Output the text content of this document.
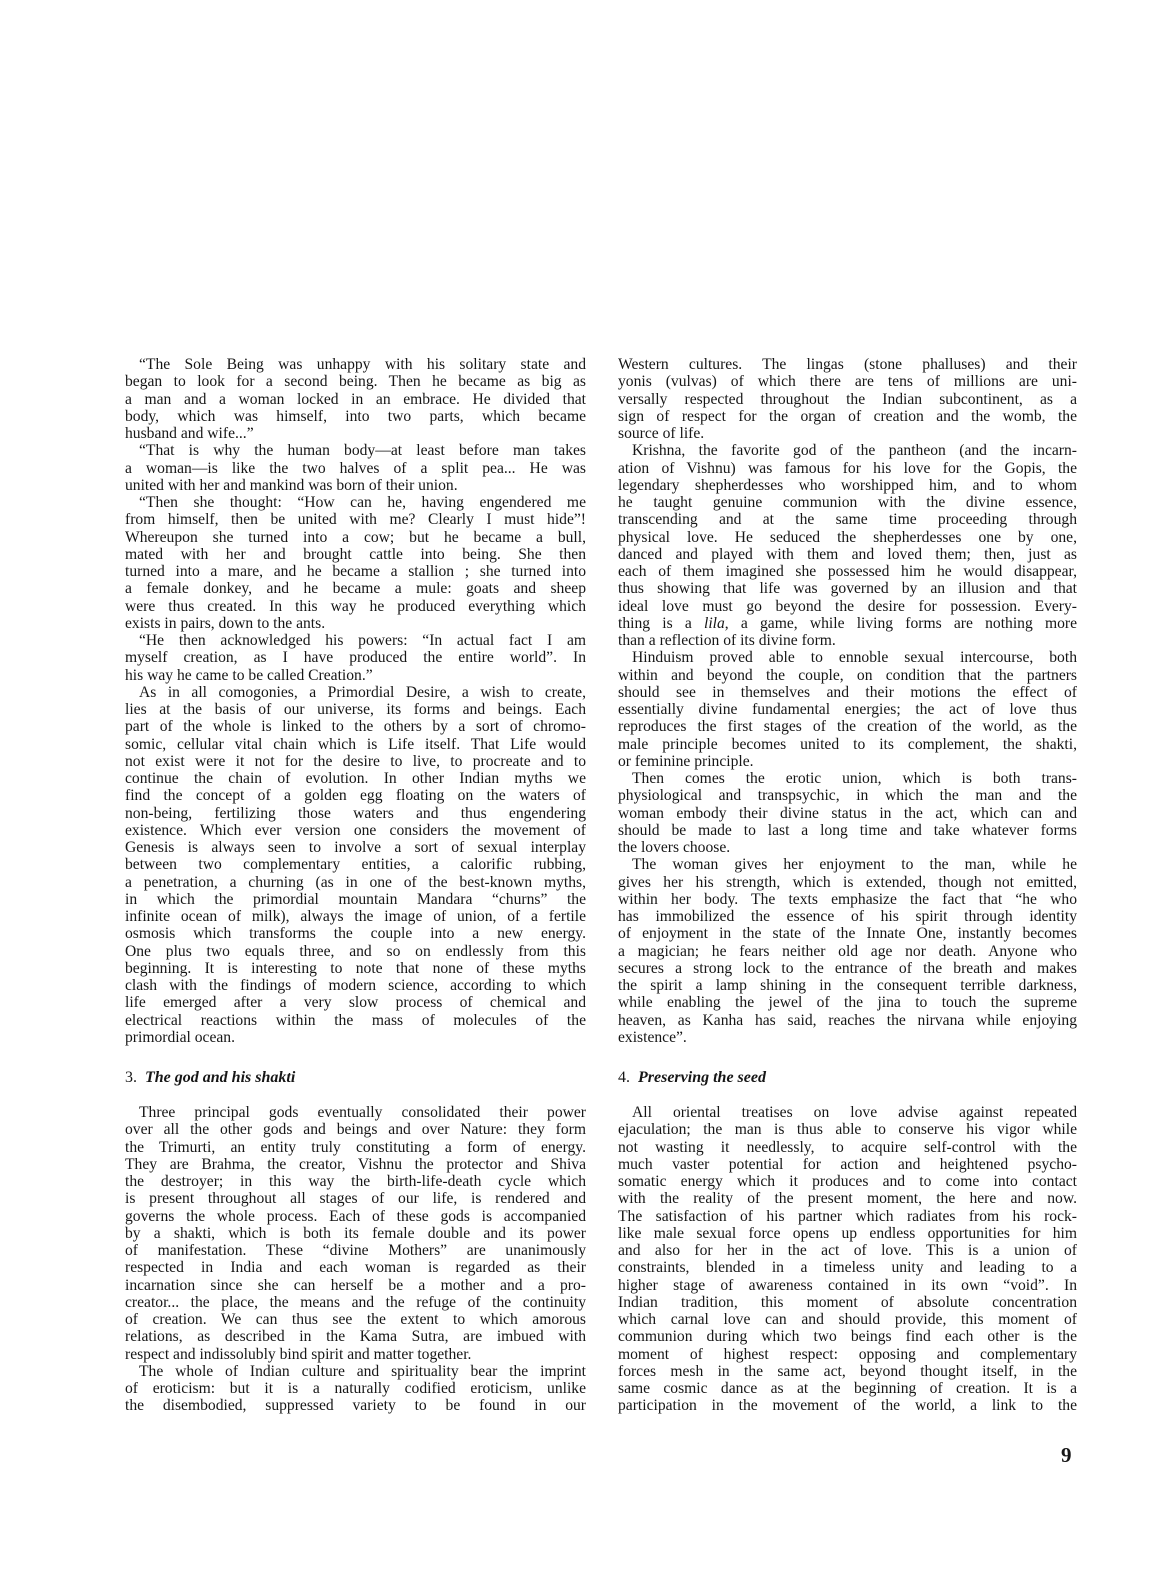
“The Sole Being was unhappy with his solitary state and
began to look for a second being. Then he became as big as
a man and a woman locked in an embrace. He divided that
body, which was himself, into two parts, which became
husband and wife...”
“That is why the human body—at least before man takes
a woman—is like the two halves of a split pea... He was
united with her and mankind was born of their union.
“Then she thought: “How can he, having engendered me
from himself, then be united with me? Clearly I must hide”!
Whereupon she turned into a cow; but he became a bull,
mated with her and brought cattle into being. She then
turned into a mare, and he became a stallion ; she turned into
a female donkey, and he became a mule: goats and sheep
were thus created. In this way he produced everything which
exists in pairs, down to the ants.
“He then acknowledged his powers: “In actual fact I am
myself creation, as I have produced the entire world”. In
his way he came to be called Creation.”
As in all comogonies, a Primordial Desire, a wish to create,
lies at the basis of our universe, its forms and beings. Each
part of the whole is linked to the others by a sort of chromo-
somic, cellular vital chain which is Life itself. That Life would
not exist were it not for the desire to live, to procreate and to
continue the chain of evolution. In other Indian myths we
find the concept of a golden egg floating on the waters of
non-being, fertilizing those waters and thus engendering
existence. Which ever version one considers the movement of
Genesis is always seen to involve a sort of sexual interplay
between two complementary entities, a calorific rubbing,
a penetration, a churning (as in one of the best-known myths,
in which the primordial mountain Mandara “churns” the
infinite ocean of milk), always the image of union, of a fertile
osmosis which transforms the couple into a new energy.
One plus two equals three, and so on endlessly from this
beginning. It is interesting to note that none of these myths
clash with the findings of modern science, according to which
life emerged after a very slow process of chemical and
electrical reactions within the mass of molecules of the
primordial ocean.
3. The god and his shakti
Three principal gods eventually consolidated their power
over all the other gods and beings and over Nature: they form
the Trimurti, an entity truly constituting a form of energy.
They are Brahma, the creator, Vishnu the protector and Shiva
the destroyer; in this way the birth-life-death cycle which
is present throughout all stages of our life, is rendered and
governs the whole process. Each of these gods is accompanied
by a shakti, which is both its female double and its power
of manifestation. These “divine Mothers” are unanimously
respected in India and each woman is regarded as their
incarnation since she can herself be a mother and a pro-
creator... the place, the means and the refuge of the continuity
of creation. We can thus see the extent to which amorous
relations, as described in the Kama Sutra, are imbued with
respect and indissolubly bind spirit and matter together.
The whole of Indian culture and spirituality bear the imprint
of eroticism: but it is a naturally codified eroticism, unlike
the disembodied, suppressed variety to be found in our
Western cultures. The lingas (stone phalluses) and their
yonis (vulvas) of which there are tens of millions are uni-
versally respected throughout the Indian subcontinent, as a
sign of respect for the organ of creation and the womb, the
source of life.
Krishna, the favorite god of the pantheon (and the incarn-
ation of Vishnu) was famous for his love for the Gopis, the
legendary shepherdesses who worshipped him, and to whom
he taught genuine communion with the divine essence,
transcending and at the same time proceeding through
physical love. He seduced the shepherdesses one by one,
danced and played with them and loved them; then, just as
each of them imagined she possessed him he would disappear,
thus showing that life was governed by an illusion and that
ideal love must go beyond the desire for possession. Every-
thing is a lila, a game, while living forms are nothing more
than a reflection of its divine form.
Hinduism proved able to ennoble sexual intercourse, both
within and beyond the couple, on condition that the partners
should see in themselves and their motions the effect of
essentially divine fundamental energies; the act of love thus
reproduces the first stages of the creation of the world, as the
male principle becomes united to its complement, the shakti,
or feminine principle.
Then comes the erotic union, which is both trans-
physiological and transpsychic, in which the man and the
woman embody their divine status in the act, which can and
should be made to last a long time and take whatever forms
the lovers choose.
The woman gives her enjoyment to the man, while he
gives her his strength, which is extended, though not emitted,
within her body. The texts emphasize the fact that “he who
has immobilized the essence of his spirit through identity
of enjoyment in the state of the Innate One, instantly becomes
a magician; he fears neither old age nor death. Anyone who
secures a strong lock to the entrance of the breath and makes
the spirit a lamp shining in the consequent terrible darkness,
while enabling the jewel of the jina to touch the supreme
heaven, as Kanha has said, reaches the nirvana while enjoying
existence”.
4. Preserving the seed
All oriental treatises on love advise against repeated
ejaculation; the man is thus able to conserve his vigor while
not wasting it needlessly, to acquire self-control with the
much vaster potential for action and heightened psycho-
somatic energy which it produces and to come into contact
with the reality of the present moment, the here and now.
The satisfaction of his partner which radiates from his rock-
like male sexual force opens up endless opportunities for him
and also for her in the act of love. This is a union of
constraints, blended in a timeless unity and leading to a
higher stage of awareness contained in its own “void”. In
Indian tradition, this moment of absolute concentration
which carnal love can and should provide, this moment of
communion during which two beings find each other is the
moment of highest respect: opposing and complementary
forces mesh in the same act, beyond thought itself, in the
same cosmic dance as at the beginning of creation. It is a
participation in the movement of the world, a link to the
9
